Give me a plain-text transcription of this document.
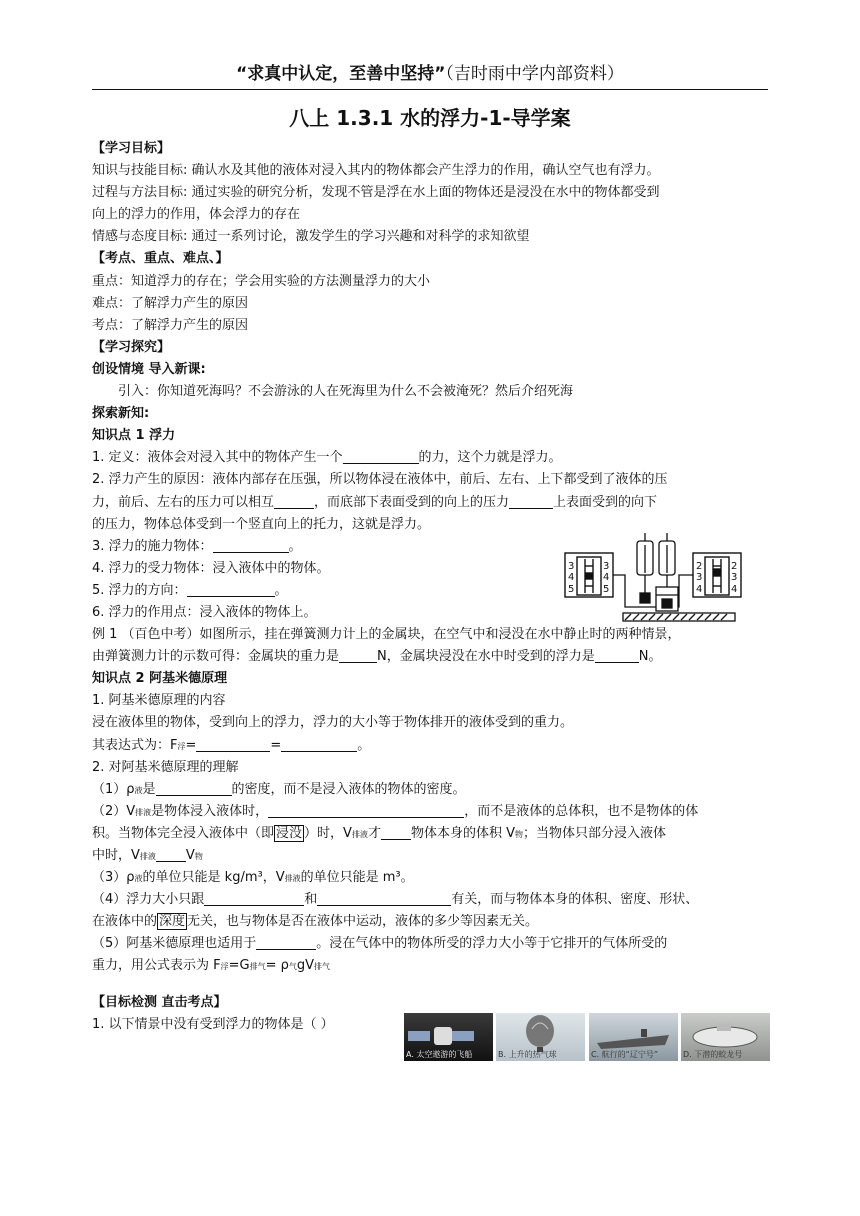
“求真中认定，至善中坚持”（吉时雨中学内部资料）
八上 1.3.1 水的浮力-1-导学案
【学习目标】
知识与技能目标: 确认水及其他的液体对浸入其内的物体都会产生浮力的作用，确认空气也有浮力。
过程与方法目标: 通过实验的研究分析，发现不管是浮在水上面的物体还是浸没在水中的物体都受到
向上的浮力的作用，体会浮力的存在
情感与态度目标: 通过一系列讨论，激发学生的学习兴趣和对科学的求知欲望
【考点、重点、难点、】
重点：知道浮力的存在；学会用实验的方法测量浮力的大小
难点：了解浮力产生的原因
考点：了解浮力产生的原因
【学习探究】
创设情境 导入新课:
引入：你知道死海吗？不会游泳的人在死海里为什么不会被淹死？然后介绍死海
探索新知:
知识点 1 浮力
1. 定义：液体会对浸入其中的物体产生一个	的力，这个力就是浮力。
2. 浮力产生的原因：液体内部存在压强，所以物体浸在液体中，前后、左右、上下都受到了液体的压
力，前后、左右的压力可以相互	，而底部下表面受到的向上的压力	上表面受到的向下
的压力，物体总体受到一个竖直向上的托力，这就是浮力。
3. 浮力的施力物体：	。
4. 浮力的受力物体：浸入液体中的物体。
5. 浮力的方向：	。
6. 浮力的作用点：浸入液体的物体上。
例 1 （百色中考）如图所示，挂在弹簧测力计上的金属块，在空气中和浸没在水中静止时的两种情景，
由弹簧测力计的示数可得：金属块的重力是	N，金属块浸没在水中时受到的浮力是	N。
知识点 2 阿基米德原理
1. 阿基米德原理的内容
浸在液体里的物体，受到向上的浮力，浮力的大小等于物体排开的液体受到的重力。
其表达式为：F浮=	=	。
2. 对阿基米德原理的理解
（1）ρ液是	的密度，而不是浸入液体的物体的密度。
（2）V排液是物体浸入液体时，	，而不是液体的总体积，也不是物体的体
积。当物体完全浸入液体中（即 浸没 ）时，V排液才 物体本身的体积 V物；当物体只部分浸入液体
中时，V排液 V物
（3）ρ液的单位只能是 kg/m³，V排液的单位只能是 m³。
（4）浮力大小只跟	和	有关，而与物体本身的体积、密度、形状、
在液体中的 深度 无关，也与物体是否在液体中运动，液体的多少等因素无关。
（5）阿基米德原理也适用于	。浸在气体中的物体所受的浮力大小等于它排开的气体所受的
重力，用公式表示为 F浮=G排气= ρ气gV排气
【目标检测 直击考点】
1. 以下情景中没有受到浮力的物体是（ ）
3
4
5
3
4
5
2
3
4
2
3
4
A. 太空遨游的飞船	B. 上升的热气球	C. 航行的“辽宁号”	D. 下潜的蛟龙号
